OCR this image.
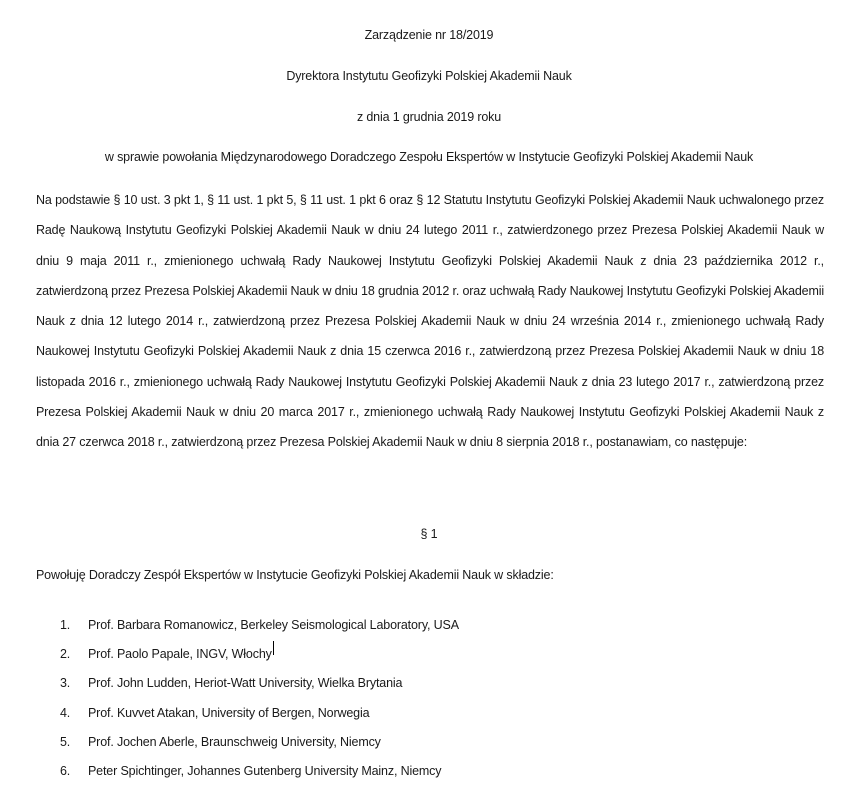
Zarządzenie nr 18/2019

Dyrektora Instytutu Geofizyki Polskiej Akademii Nauk

z dnia 1 grudnia 2019 roku

w sprawie powołania Międzynarodowego Doradczego Zespołu Ekspertów w Instytucie Geofizyki Polskiej Akademii Nauk

Na podstawie § 10 ust. 3 pkt 1, § 11 ust. 1 pkt 5, § 11 ust. 1 pkt 6 oraz § 12 Statutu Instytutu Geofizyki Polskiej Akademii Nauk uchwalonego przez Radę Naukową Instytutu Geofizyki Polskiej Akademii Nauk w dniu 24 lutego 2011 r., zatwierdzonego przez Prezesa Polskiej Akademii Nauk w dniu 9 maja 2011 r., zmienionego uchwałą Rady Naukowej Instytutu Geofizyki Polskiej Akademii Nauk z dnia 23 października 2012 r., zatwierdzoną przez Prezesa Polskiej Akademii Nauk w dniu 18 grudnia 2012 r. oraz uchwałą Rady Naukowej Instytutu Geofizyki Polskiej Akademii Nauk z dnia 12 lutego 2014 r., zatwierdzoną przez Prezesa Polskiej Akademii Nauk w dniu 24 września 2014 r., zmienionego uchwałą Rady Naukowej Instytutu Geofizyki Polskiej Akademii Nauk z dnia 15 czerwca 2016 r., zatwierdzoną przez Prezesa Polskiej Akademii Nauk w dniu 18 listopada 2016 r., zmienionego uchwałą Rady Naukowej Instytutu Geofizyki Polskiej Akademii Nauk z dnia 23 lutego 2017 r., zatwierdzoną przez Prezesa Polskiej Akademii Nauk w dniu 20 marca 2017 r., zmienionego uchwałą Rady Naukowej Instytutu Geofizyki Polskiej Akademii Nauk z dnia 27 czerwca 2018 r., zatwierdzoną przez Prezesa Polskiej Akademii Nauk w dniu 8 sierpnia 2018 r., postanawiam, co następuje:

§ 1

Powołuję Doradczy Zespół Ekspertów w Instytucie Geofizyki Polskiej Akademii Nauk w składzie:

1.	Prof. Barbara Romanowicz, Berkeley Seismological Laboratory, USA
2.	Prof. Paolo Papale, INGV, Włochy
3.	Prof. John Ludden, Heriot-Watt University, Wielka Brytania
4.	Prof. Kuvvet Atakan, University of Bergen, Norwegia
5.	Prof. Jochen Aberle, Braunschweig University, Niemcy
6.	Peter Spichtinger, Johannes Gutenberg University Mainz, Niemcy
